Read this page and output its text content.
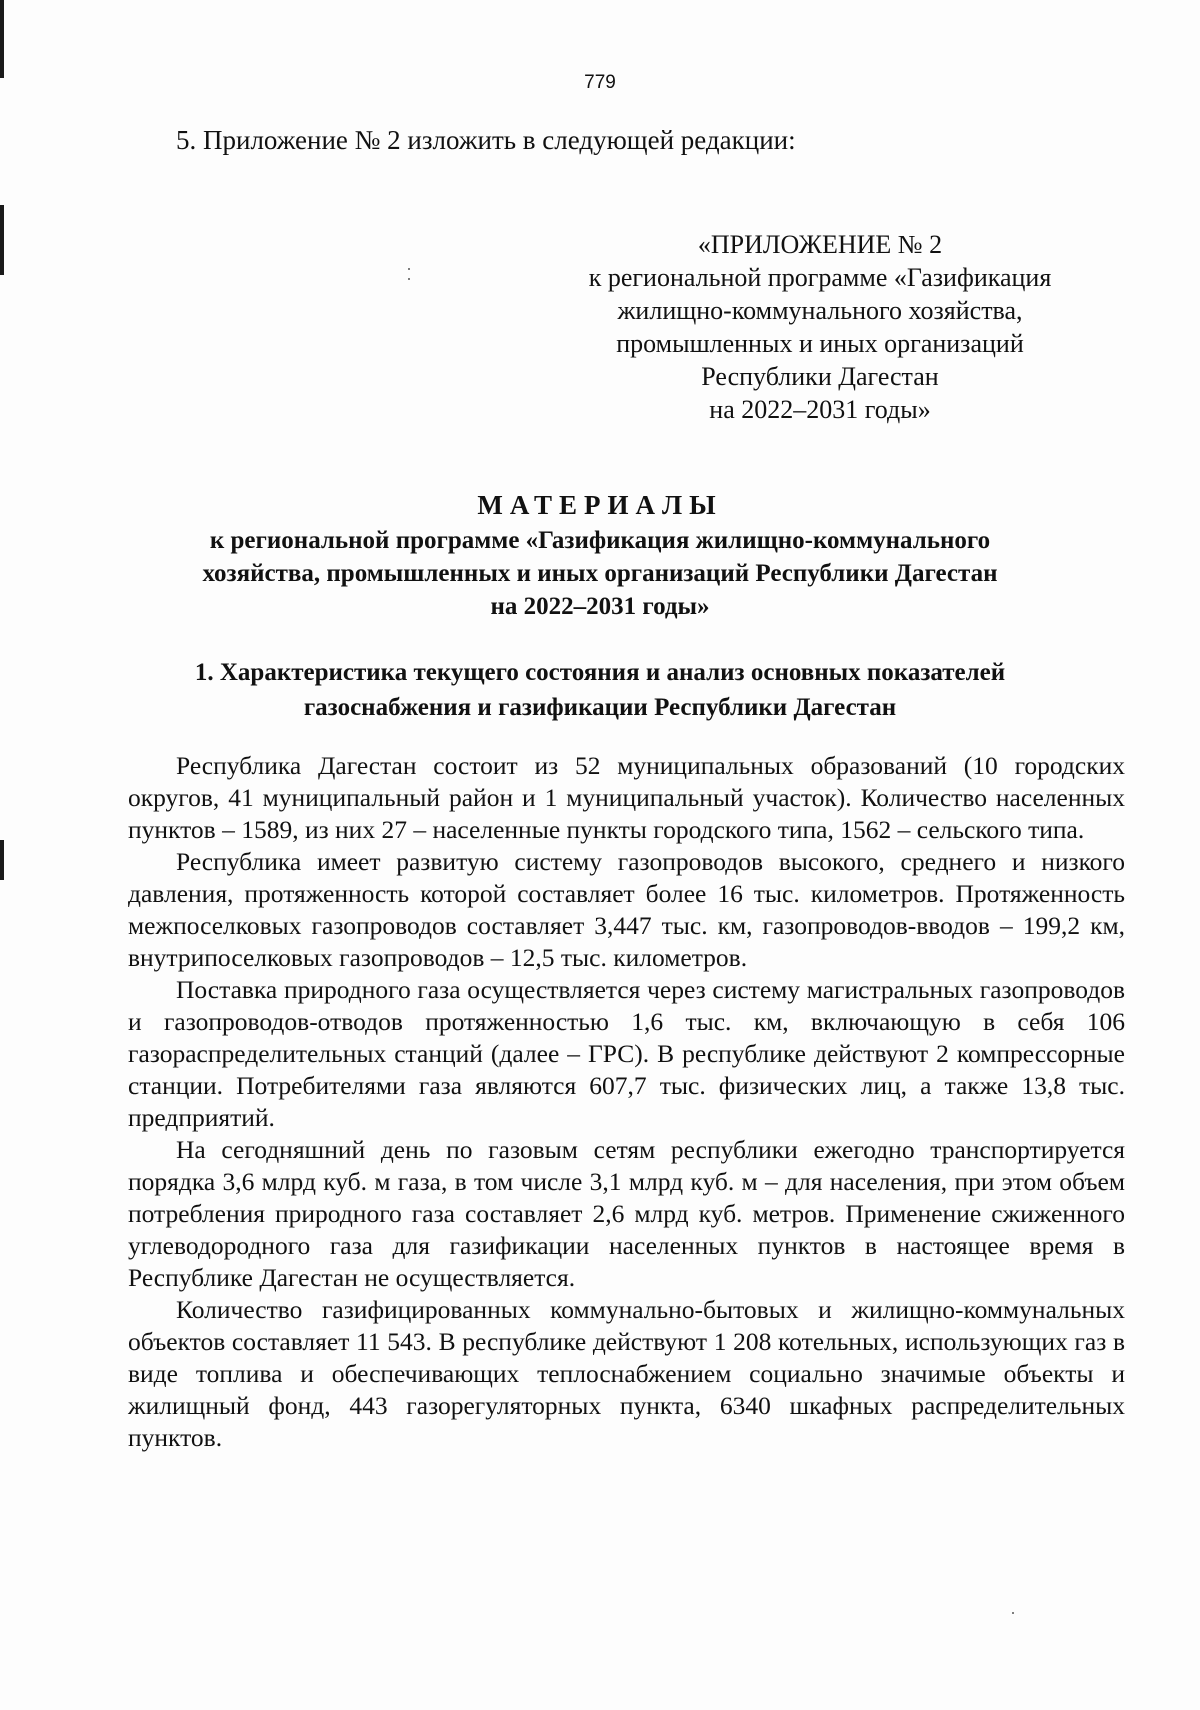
779

5. Приложение № 2 изложить в следующей редакции:

«ПРИЛОЖЕНИЕ № 2
к региональной программе «Газификация
жилищно-коммунального хозяйства,
промышленных и иных организаций
Республики Дагестан
на 2022–2031 годы»
МАТЕРИАЛЫ
к региональной программе «Газификация жилищно-коммунального
хозяйства, промышленных и иных организаций Республики Дагестан
на 2022–2031 годы»
1. Характеристика текущего состояния и анализ основных показателей
газоснабжения и газификации Республики Дагестан

Республика Дагестан состоит из 52 муниципальных образований (10 городских округов, 41 муниципальный район и 1 муниципальный участок). Количество населенных пунктов – 1589, из них 27 – населенные пункты городского типа, 1562 – сельского типа.

Республика имеет развитую систему газопроводов высокого, среднего и низкого давления, протяженность которой составляет более 16 тыс. километров. Протяженность межпоселковых газопроводов составляет 3,447 тыс. км, газопроводов-вводов – 199,2 км, внутрипоселковых газопроводов – 12,5 тыс. километров.

Поставка природного газа осуществляется через систему магистральных газопроводов и газопроводов-отводов протяженностью 1,6 тыс. км, включающую в себя 106 газораспределительных станций (далее – ГРС). В республике действуют 2 компрессорные станции. Потребителями газа являются 607,7 тыс. физических лиц, а также 13,8 тыс. предприятий.

На сегодняшний день по газовым сетям республики ежегодно транспортируется порядка 3,6 млрд куб. м газа, в том числе 3,1 млрд куб. м – для населения, при этом объем потребления природного газа составляет 2,6 млрд куб. метров. Применение сжиженного углеводородного газа для газификации населенных пунктов в настоящее время в Республике Дагестан не осуществляется.

Количество газифицированных коммунально-бытовых и жилищно-коммунальных объектов составляет 11 543. В республике действуют 1 208 котельных, использующих газ в виде топлива и обеспечивающих теплоснабжением социально значимые объекты и жилищный фонд, 443 газорегуляторных пункта, 6340 шкафных распределительных пунктов.
